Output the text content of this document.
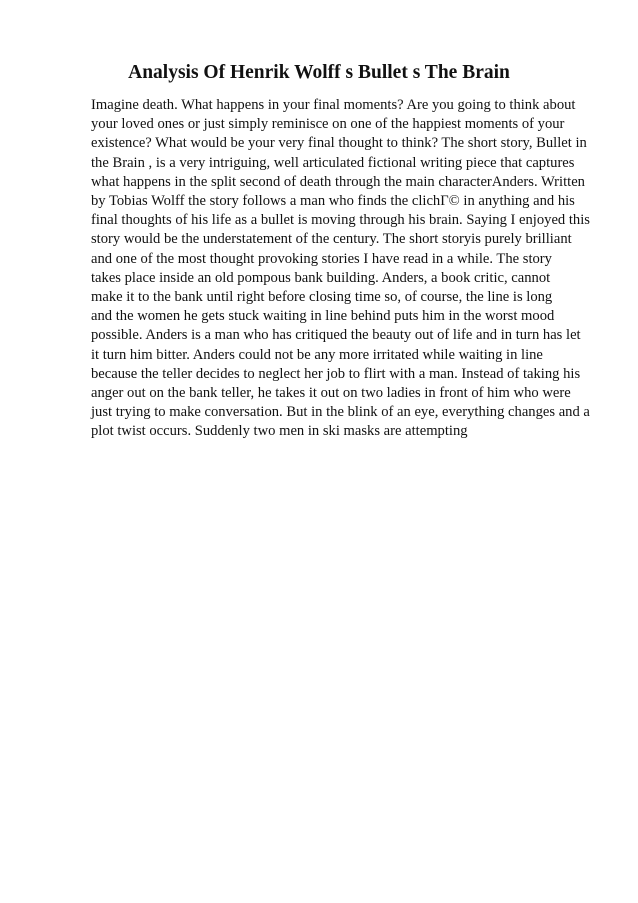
Analysis Of Henrik Wolff s Bullet s The Brain
Imagine death. What happens in your final moments? Are you going to think about
your loved ones or just simply reminisce on one of the happiest moments of your
existence? What would be your very final thought to think? The short story, Bullet in
the Brain , is a very intriguing, well articulated fictional writing piece that captures
what happens in the split second of death through the main characterAnders. Written
by Tobias Wolff the story follows a man who finds the clichГ© in anything and his
final thoughts of his life as a bullet is moving through his brain. Saying I enjoyed this
story would be the understatement of the century. The short storyis purely brilliant
and one of the most thought provoking stories I have read in a while. The story
takes place inside an old pompous bank building. Anders, a book critic, cannot
make it to the bank until right before closing time so, of course, the line is long
and the women he gets stuck waiting in line behind puts him in the worst mood
possible. Anders is a man who has critiqued the beauty out of life and in turn has let
it turn him bitter. Anders could not be any more irritated while waiting in line
because the teller decides to neglect her job to flirt with a man. Instead of taking his
anger out on the bank teller, he takes it out on two ladies in front of him who were
just trying to make conversation. But in the blink of an eye, everything changes and a
plot twist occurs. Suddenly two men in ski masks are attempting
